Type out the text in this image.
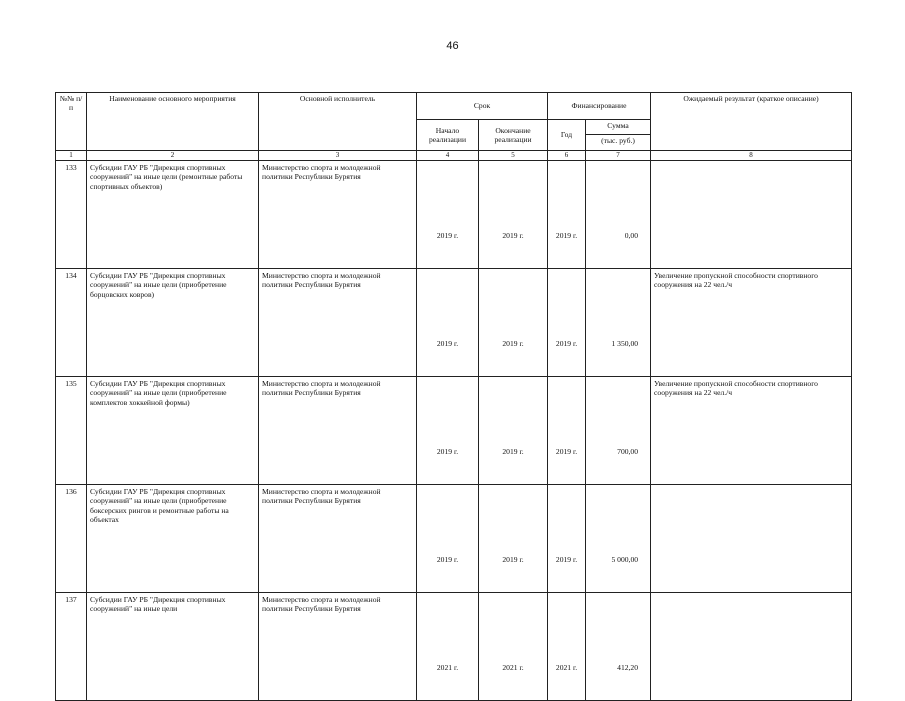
46
№№ п/п	Наименование основного мероприятия	Основной исполнитель	Срок		Финансирование		Ожидаемый результат (краткое описание)
			Начало реализации	Окончание реализации	Год	Сумма	
						(тыс. руб.)	
1	2	3	4	5	6	7	8
133	Субсидии ГАУ РБ "Дирекция спортивных сооружений" на иные цели (ремонтные работы спортивных объектов)	Министерство спорта и молодежной политики Республики Бурятия	2019 г.	2019 г.	2019 г.	0,00	
134	Субсидии ГАУ РБ "Дирекция спортивных сооружений" на иные цели (приобретение борцовских ковров)	Министерство спорта и молодежной политики Республики Бурятия	2019 г.	2019 г.	2019 г.	1 350,00	Увеличение пропускной способности спортивного сооружения на 22 чел./ч
135	Субсидии ГАУ РБ "Дирекция спортивных сооружений" на иные цели (приобретение комплектов хоккейной формы)	Министерство спорта и молодежной политики Республики Бурятия	2019 г.	2019 г.	2019 г.	700,00	Увеличение пропускной способности спортивного сооружения на 22 чел./ч
136	Субсидии ГАУ РБ "Дирекция спортивных сооружений" на иные цели (приобретение боксерских рингов и ремонтные работы на объектах	Министерство спорта и молодежной политики Республики Бурятия	2019 г.	2019 г.	2019 г.	5 000,00	
137	Субсидии ГАУ РБ "Дирекция спортивных сооружений" на иные цели	Министерство спорта и молодежной политики Республики Бурятия	2021 г.	2021 г.	2021 г.	412,20	
